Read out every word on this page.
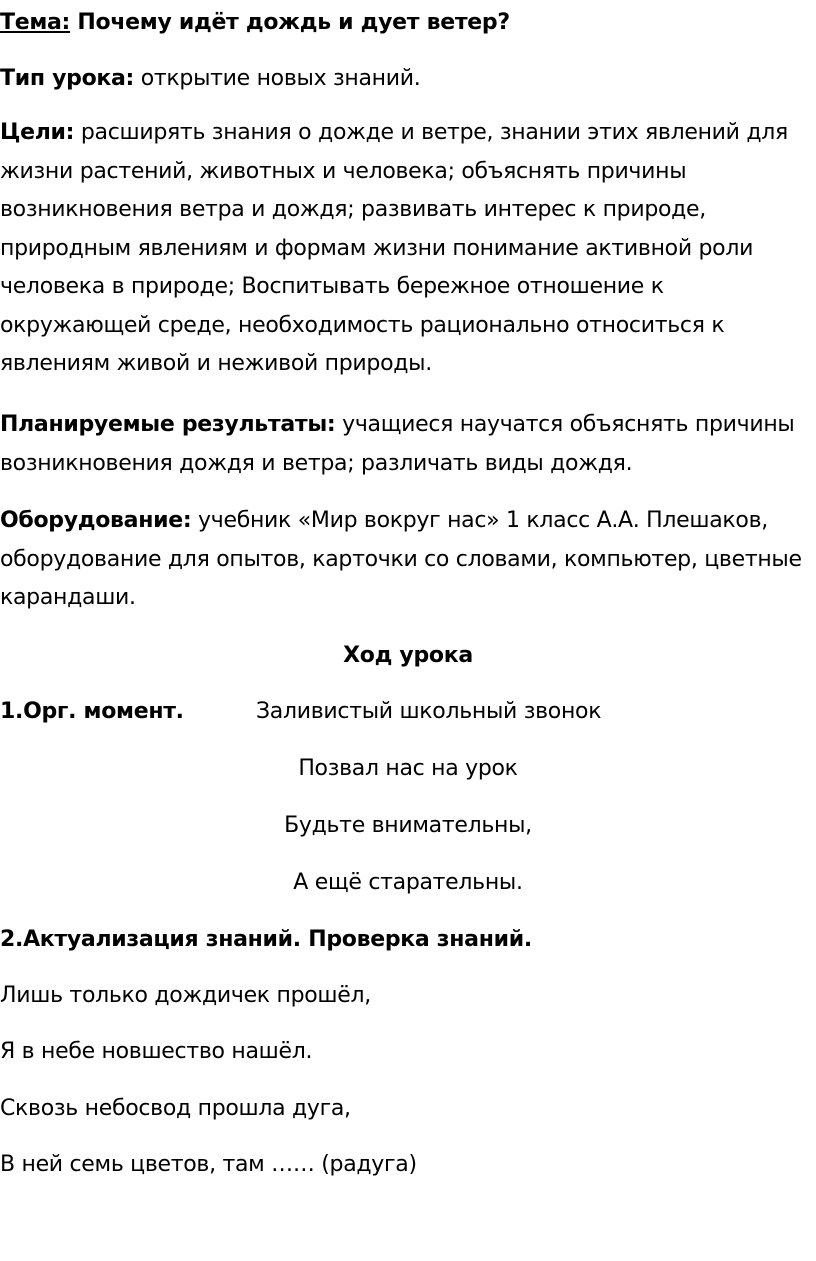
Тема: Почему идёт дождь и дует ветер?

Тип урока: открытие новых знаний.

Цели: расширять знания о дожде и ветре, знании этих явлений для жизни растений, животных и человека; объяснять причины возникновения ветра и дождя; развивать интерес к природе, природным явлениям и формам жизни понимание активной роли человека в природе; Воспитывать бережное отношение к окружающей среде, необходимость рационально относиться к явлениям живой и неживой природы.

Планируемые результаты: учащиеся научатся объяснять причины возникновения дождя и ветра; различать виды дождя.

Оборудование: учебник «Мир вокруг нас» 1 класс А.А. Плешаков, оборудование для опытов, карточки со словами, компьютер, цветные карандаши.

Ход урока

1.Орг. момент.	Заливистый школьный звонок

Позвал нас на урок

Будьте внимательны,

А ещё старательны.

2.Актуализация знаний. Проверка знаний.

Лишь только дождичек прошёл,

Я в небе новшество нашёл.

Сквозь небосвод прошла дуга,

В ней семь цветов, там …… (радуга)
